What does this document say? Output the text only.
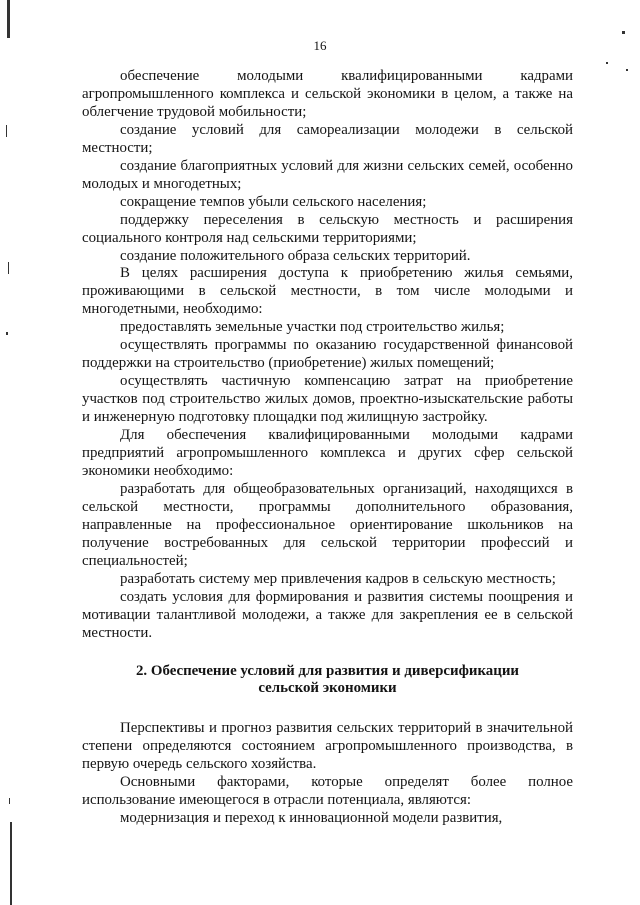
16

обеспечение молодыми квалифицированными кадрами агропромышленного комплекса и сельской экономики в целом, а также на облегчение трудовой мобильности;

создание условий для самореализации молодежи в сельской местности;

создание благоприятных условий для жизни сельских семей, особенно молодых и многодетных;

сокращение темпов убыли сельского населения;

поддержку переселения в сельскую местность и расширения социального контроля над сельскими территориями;

создание положительного образа сельских территорий.

В целях расширения доступа к приобретению жилья семьями, проживающими в сельской местности, в том числе молодыми и многодетными, необходимо:

предоставлять земельные участки под строительство жилья;

осуществлять программы по оказанию государственной финансовой поддержки на строительство (приобретение) жилых помещений;

осуществлять частичную компенсацию затрат на приобретение участков под строительство жилых домов, проектно-изыскательские работы и инженерную подготовку площадки под жилищную застройку.

Для обеспечения квалифицированными молодыми кадрами предприятий агропромышленного комплекса и других сфер сельской экономики необходимо:

разработать для общеобразовательных организаций, находящихся в сельской местности, программы дополнительного образования, направленные на профессиональное ориентирование школьников на получение востребованных для сельской территории профессий и специальностей;

разработать систему мер привлечения кадров в сельскую местность;

создать условия для формирования и развития системы поощрения и мотивации талантливой молодежи, а также для закрепления ее в сельской местности.

2. Обеспечение условий для развития и диверсификации сельской экономики

Перспективы и прогноз развития сельских территорий в значительной степени определяются состоянием агропромышленного производства, в первую очередь сельского хозяйства.

Основными факторами, которые определят более полное использование имеющегося в отрасли потенциала, являются:

модернизация и переход к инновационной модели развития,
